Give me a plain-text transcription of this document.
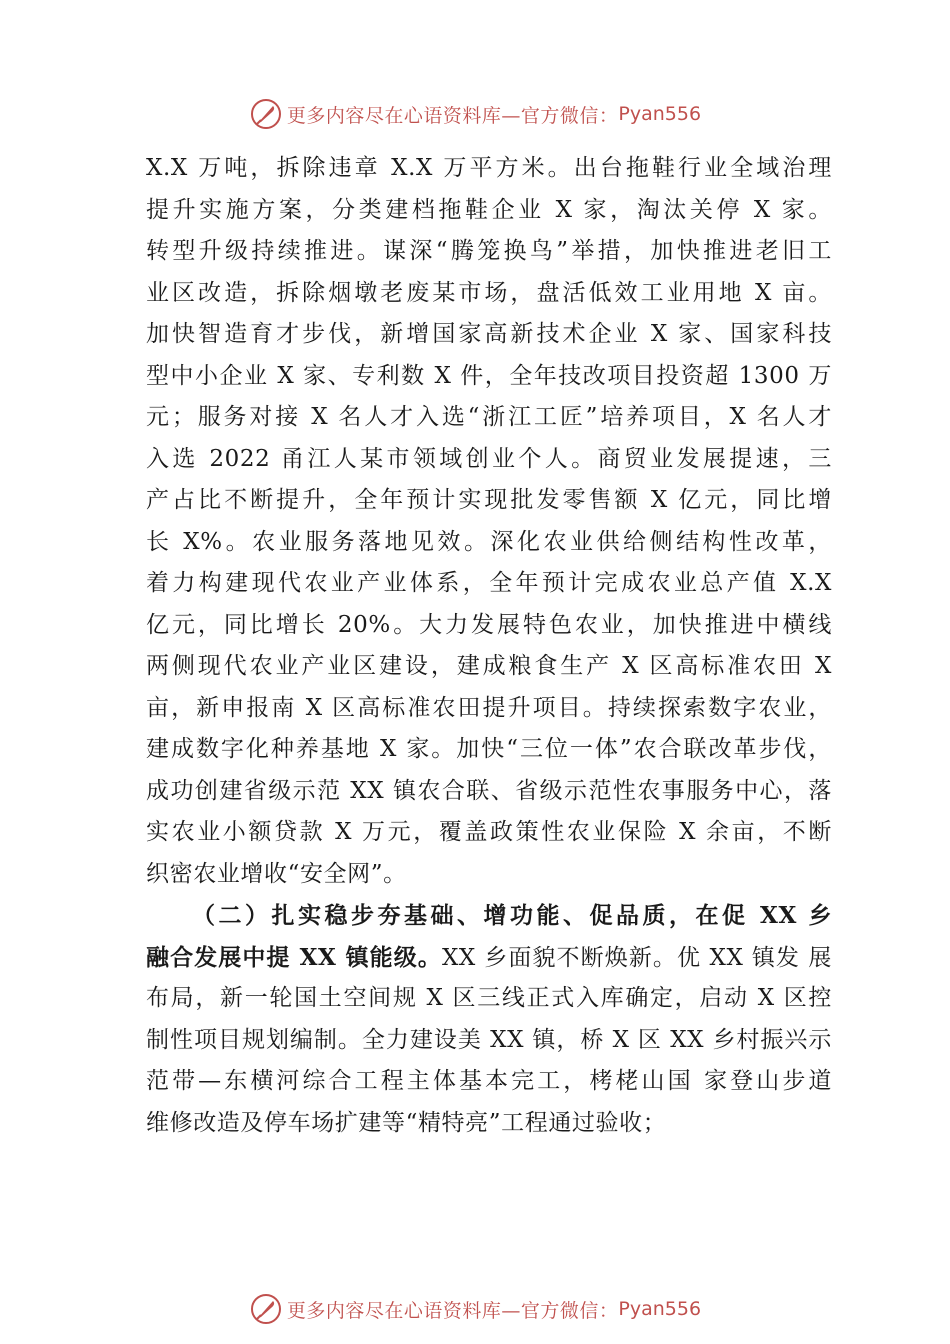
更多内容尽在心语资料库—官方微信： Pyan556
X.X 万吨，拆除违章 X.X 万平方米。出台拖鞋行业全域治理
提升实施方案，分类建档拖鞋企业 X 家，淘汰关停 X 家。
转型升级持续推进。谋深“腾笼换鸟”举措，加快推进老旧工
业区改造，拆除烟墩老废某市场，盘活低效工业用地 X 亩。
加快智造育才步伐，新增国家高新技术企业 X 家、国家科技
型中小企业 X 家、专利数 X 件，全年技改项目投资超 1300 万
元；服务对接 X 名人才入选“浙江工匠”培养项目，X 名人才
入选 2022 甬江人某市领域创业个人。商贸业发展提速，三
产占比不断提升，全年预计实现批发零售额 X 亿元，同比增
长 X%。农业服务落地见效。深化农业供给侧结构性改革，
着力构建现代农业产业体系，全年预计完成农业总产值 X.X
亿元，同比增长 20%。大力发展特色农业，加快推进中横线
两侧现代农业产业区建设，建成粮食生产 X 区高标准农田 X
亩，新申报南 X 区高标准农田提升项目。持续探索数字农业，
建成数字化种养基地 X 家。加快“三位一体”农合联改革步伐，
成功创建省级示范 XX 镇农合联、省级示范性农事服务中心，落
实农业小额贷款 X 万元，覆盖政策性农业保险 X 余亩，不断
织密农业增收“安全网”。
（二）扎实稳步夯基础、增功能、促品质，在促 XX 乡
融合发展中提 XX 镇能级。XX 乡面貌不断焕新。优 XX 镇发 展
布局，新一轮国土空间规 X 区三线正式入库确定，启动 X 区控
制性项目规划编制。全力建设美 XX 镇，桥 X 区 XX 乡村振兴示
范带—东横河综合工程主体基本完工，栲栳山国 家登山步道
维修改造及停车场扩建等“精特亮”工程通过验收；
更多内容尽在心语资料库—官方微信： Pyan556
